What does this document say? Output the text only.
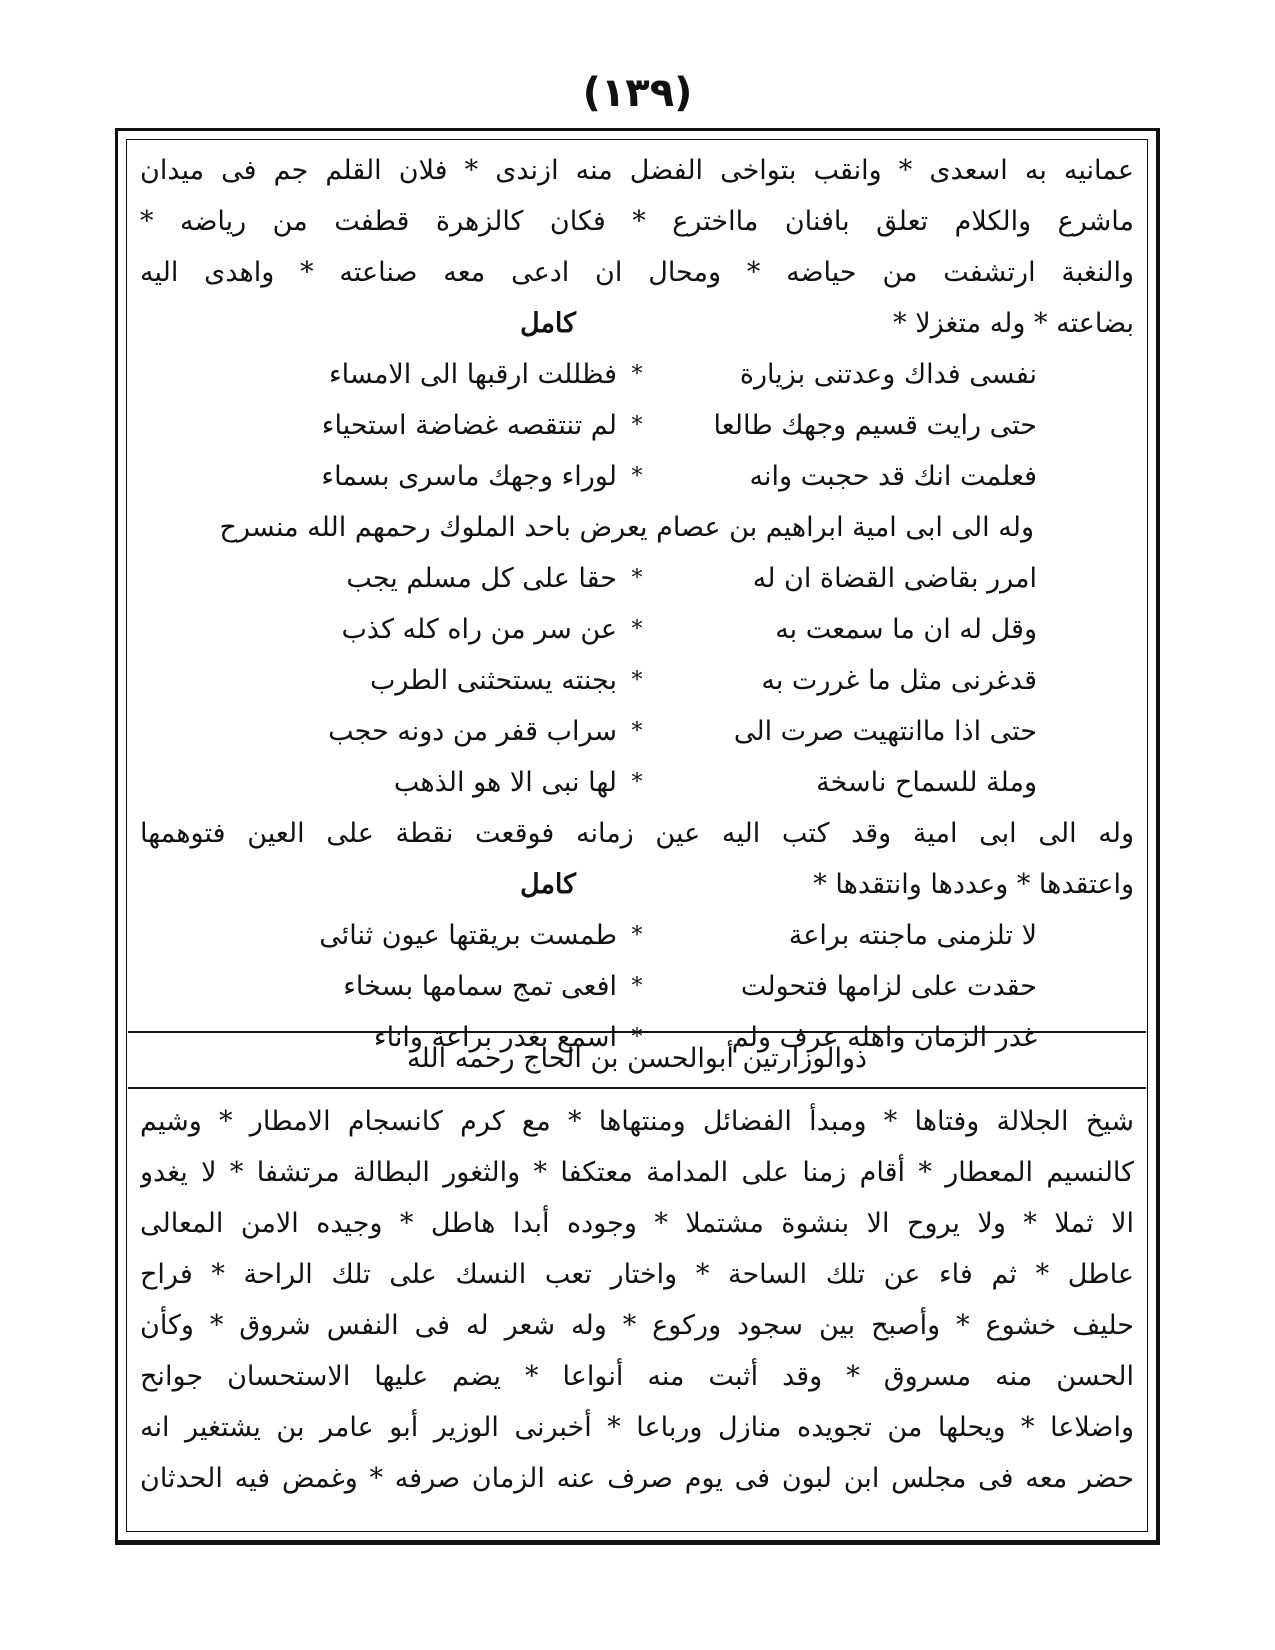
(١٣٩)
عمانيه به اسعدى * وانقب بتواخى الفضل منه ازندى * فلان القلم جم فى ميدان
ماشرع والكلام تعلق بافنان مااخترع * فكان كالزهرة قطفت من رياضه *
والنغبة ارتشفت من حياضه * ومحال ان ادعى معه صناعته * واهدى اليه
بضاعته * وله متغزلا *
كامل
نفسى فداك وعدتنى بزيارة
*
فظللت ارقبها الى الامساء
حتى رايت قسيم وجهك طالعا
*
لم تنتقصه غضاضة استحياء
فعلمت انك قد حجبت وانه
*
لوراء وجهك ماسرى بسماء
وله الى ابى امية ابراهيم بن عصام يعرض باحد الملوك رحمهم الله منسرح
امرر بقاضى القضاة ان له
*
حقا على كل مسلم يجب
وقل له ان ما سمعت به
*
عن سر من راه كله كذب
قدغرنى مثل ما غررت به
*
بجنته يستحثنى الطرب
حتى اذا ماانتهيت صرت الى
*
سراب قفر من دونه حجب
وملة للسماح ناسخة
*
لها نبى الا هو الذهب
وله الى ابى امية وقد كتب اليه عين زمانه فوقعت نقطة على العين فتوهمها
واعتقدها * وعددها وانتقدها *
كامل
لا تلزمنى ماجنته براعة
*
طمست بريقتها عيون ثنائى
حقدت على لزامها فتحولت
*
افعى تمج سمامها بسخاء
غدر الزمان واهله عرف ولم
*
اسمع بغدر براعة واناء
ذوالوزارتين أبوالحسن بن الحاج رحمه الله
شيخ الجلالة وفتاها * ومبدأ الفضائل ومنتهاها * مع كرم كانسجام الامطار * وشيم
كالنسيم المعطار * أقام زمنا على المدامة معتكفا * والثغور البطالة مرتشفا * لا يغدو
الا ثملا * ولا يروح الا بنشوة مشتملا * وجوده أبدا هاطل * وجيده الامن المعالى
عاطل * ثم فاء عن تلك الساحة * واختار تعب النسك على تلك الراحة * فراح
حليف خشوع * وأصبح بين سجود وركوع * وله شعر له فى النفس شروق * وكأن
الحسن منه مسروق * وقد أثبت منه أنواعا * يضم عليها الاستحسان جوانح
واضلاعا * ويحلها من تجويده منازل ورباعا * أخبرنى الوزير أبو عامر بن يشتغير انه
حضر معه فى مجلس ابن لبون فى يوم صرف عنه الزمان صرفه * وغمض فيه الحدثان
